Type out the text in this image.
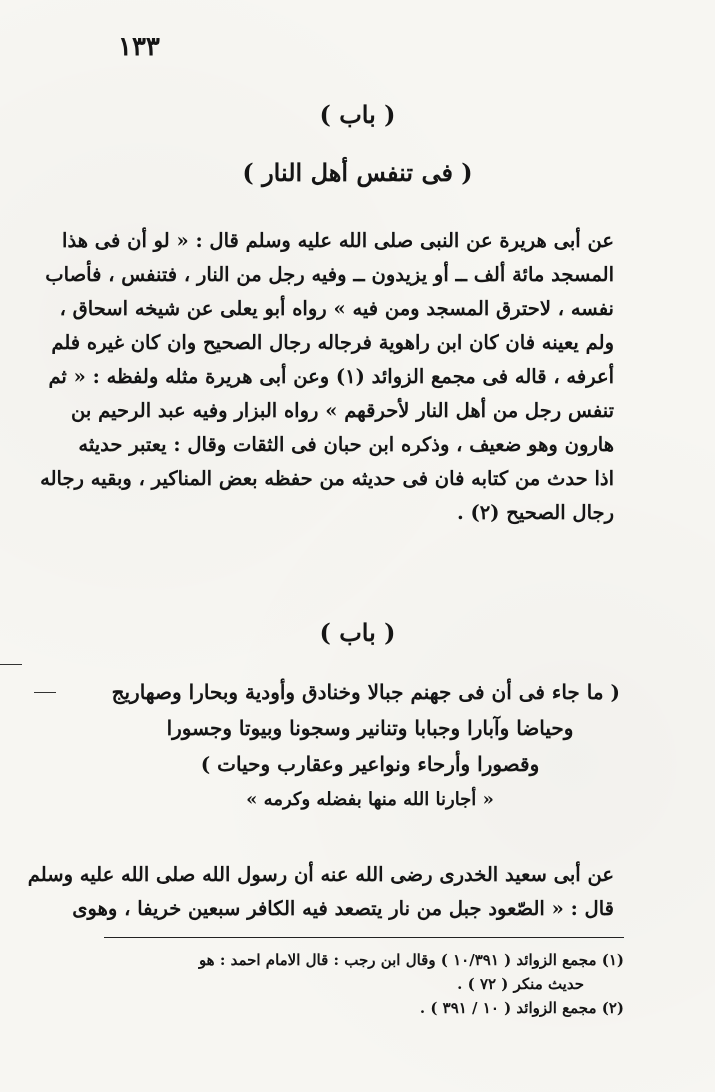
١٣٣
( باب )
( فى تنفس أهل النار )
عن أبى هريرة عن النبى صلى الله عليه وسلم قال : « لو أن فى هذا
المسجد مائة ألف ــ أو يزيدون ــ وفيه رجل من النار ، فتنفس ، فأصاب
نفسه ، لاحترق المسجد ومن فيه » رواه أبو يعلى عن شيخه اسحاق ،
ولم يعينه فان كان ابن راهوية فرجاله رجال الصحيح وان كان غيره فلم
أعرفه ، قاله فى مجمع الزوائد (١) وعن أبى هريرة مثله ولفظه : « ثم
تنفس رجل من أهل النار لأحرقهم » رواه البزار وفيه عبد الرحيم بن
هارون وهو ضعيف ، وذكره ابن حبان فى الثقات وقال : يعتبر حديثه
اذا حدث من كتابه فان فى حديثه من حفظه بعض المناكير ، وبقيه رجاله
رجال الصحيح (٢) .
( باب )
( ما جاء فى أن فى جهنم جبالا وخنادق وأودية وبحارا وصهاريج
وحياضا وآبارا وجبابا وتنانير وسجونا وبيوتا وجسورا
وقصورا وأرحاء ونواعير وعقارب وحيات )
« أجارنا الله منها بفضله وكرمه »
عن أبى سعيد الخدرى رضى الله عنه أن رسول الله صلى الله عليه وسلم
قال : « الصّعود جبل من نار يتصعد فيه الكافر سبعين خريفا ، وهوى
(١) مجمع الزوائد ( ١٠/٣٩١ ) وقال ابن رجب : قال الامام احمد : هو
حديث منكر ( ٧٢ ) .
(٢) مجمع الزوائد ( ١٠ / ٣٩١ ) .
